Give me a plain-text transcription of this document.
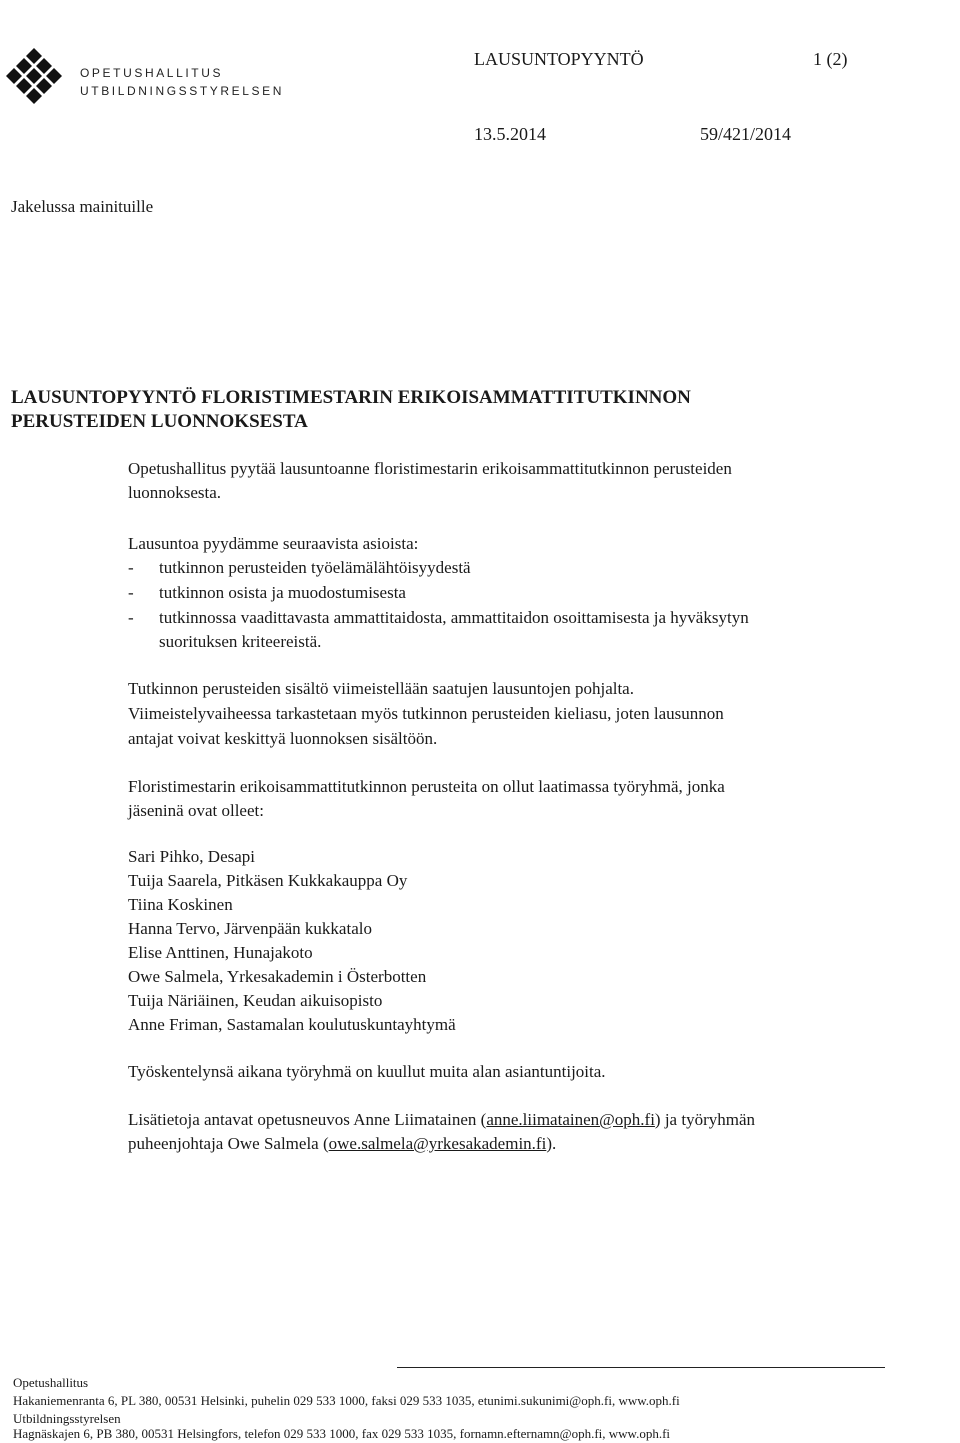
OPETUSHALLITUS
UTBILDNINGSSTYRELSEN
LAUSUNTOPYYNTÖ	1 (2)
13.5.2014	59/421/2014
Jakelussa mainituille
LAUSUNTOPYYNTÖ FLORISTIMESTARIN ERIKOISAMMATTITUTKINNON
PERUSTEIDEN LUONNOKSESTA
Opetushallitus pyytää lausuntoanne floristimestarin erikoisammattitutkinnon perusteiden
luonnoksesta.
Lausuntoa pyydämme seuraavista asioista:
- tutkinnon perusteiden työelämälähtöisyydestä
- tutkinnon osista ja muodostumisesta
- tutkinnossa vaadittavasta ammattitaidosta, ammattitaidon osoittamisesta ja hyväksytyn
suorituksen kriteereistä.
Tutkinnon perusteiden sisältö viimeistellään saatujen lausuntojen pohjalta.
Viimeistelyvaiheessa tarkastetaan myös tutkinnon perusteiden kieliasu, joten lausunnon
antajat voivat keskittyä luonnoksen sisältöön.
Floristimestarin erikoisammattitutkinnon perusteita on ollut laatimassa työryhmä, jonka
jäseninä ovat olleet:
Sari Pihko, Desapi
Tuija Saarela, Pitkäsen Kukkakauppa Oy
Tiina Koskinen
Hanna Tervo, Järvenpään kukkatalo
Elise Anttinen, Hunajakoto
Owe Salmela, Yrkesakademin i Österbotten
Tuija Näriäinen, Keudan aikuisopisto
Anne Friman, Sastamalan koulutuskuntayhtymä
Työskentelynsä aikana työryhmä on kuullut muita alan asiantuntijoita.
Lisätietoja antavat opetusneuvos Anne Liimatainen (anne.liimatainen@oph.fi) ja työryhmän
puheenjohtaja Owe Salmela (owe.salmela@yrkesakademin.fi).
Opetushallitus
Hakaniemenranta 6, PL 380, 00531 Helsinki, puhelin 029 533 1000, faksi 029 533 1035, etunimi.sukunimi@oph.fi, www.oph.fi
Utbildningsstyrelsen
Hagnäskajen 6, PB 380, 00531 Helsingfors, telefon 029 533 1000, fax 029 533 1035, fornamn.efternamn@oph.fi, www.oph.fi
